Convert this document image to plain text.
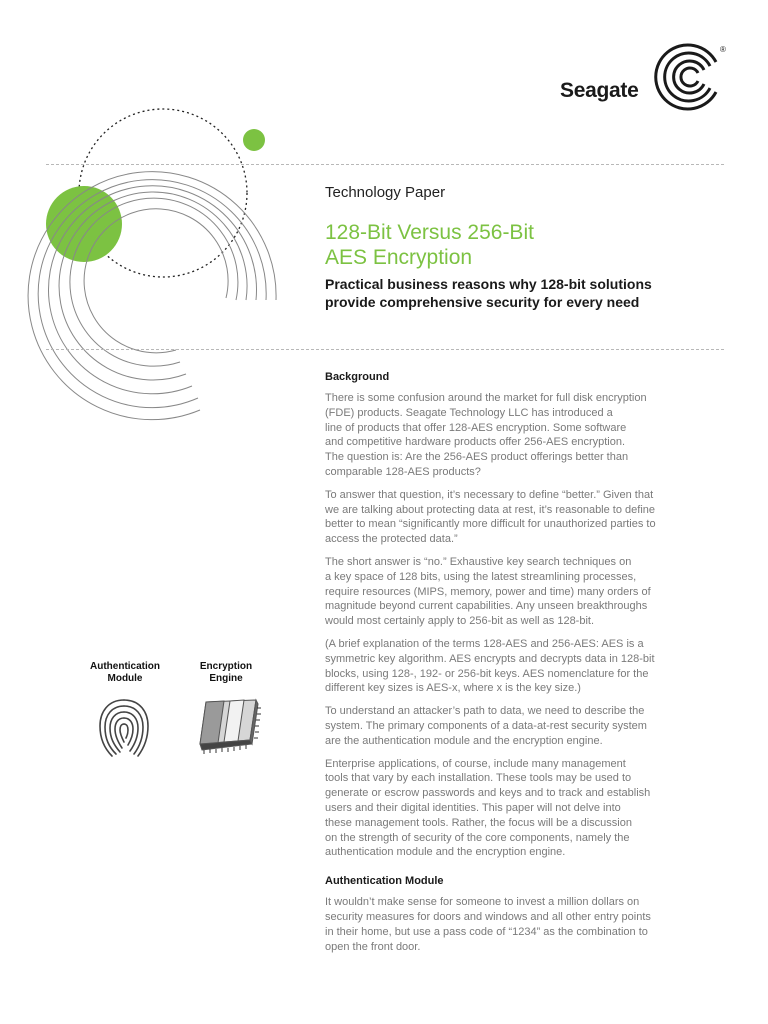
Seagate
®
Technology Paper
128-Bit Versus 256-Bit
AES Encryption
Practical business reasons why 128-bit solutions
provide comprehensive security for every need
Authentication
Module
Encryption
Engine
Background

There is some confusion around the market for full disk encryption
(FDE) products. Seagate Technology LLC has introduced a
line of products that offer 128-AES encryption. Some software
and competitive hardware products offer 256-AES encryption.
The question is: Are the 256-AES product offerings better than
comparable 128-AES products?

To answer that question, it’s necessary to define “better.” Given that
we are talking about protecting data at rest, it’s reasonable to define
better to mean “significantly more difficult for unauthorized parties to
access the protected data.”

The short answer is “no.” Exhaustive key search techniques on
a key space of 128 bits, using the latest streamlining processes,
require resources (MIPS, memory, power and time) many orders of
magnitude beyond current capabilities. Any unseen breakthroughs
would most certainly apply to 256-bit as well as 128-bit.

(A brief explanation of the terms 128-AES and 256-AES: AES is a
symmetric key algorithm. AES encrypts and decrypts data in 128-bit
blocks, using 128-, 192- or 256-bit keys. AES nomenclature for the
different key sizes is AES-x, where x is the key size.)

To understand an attacker’s path to data, we need to describe the
system. The primary components of a data-at-rest security system
are the authentication module and the encryption engine.

Enterprise applications, of course, include many management
tools that vary by each installation. These tools may be used to
generate or escrow passwords and keys and to track and establish
users and their digital identities. This paper will not delve into
these management tools. Rather, the focus will be a discussion
on the strength of security of the core components, namely the
authentication module and the encryption engine.

Authentication Module

It wouldn’t make sense for someone to invest a million dollars on
security measures for doors and windows and all other entry points
in their home, but use a pass code of “1234” as the combination to
open the front door.
